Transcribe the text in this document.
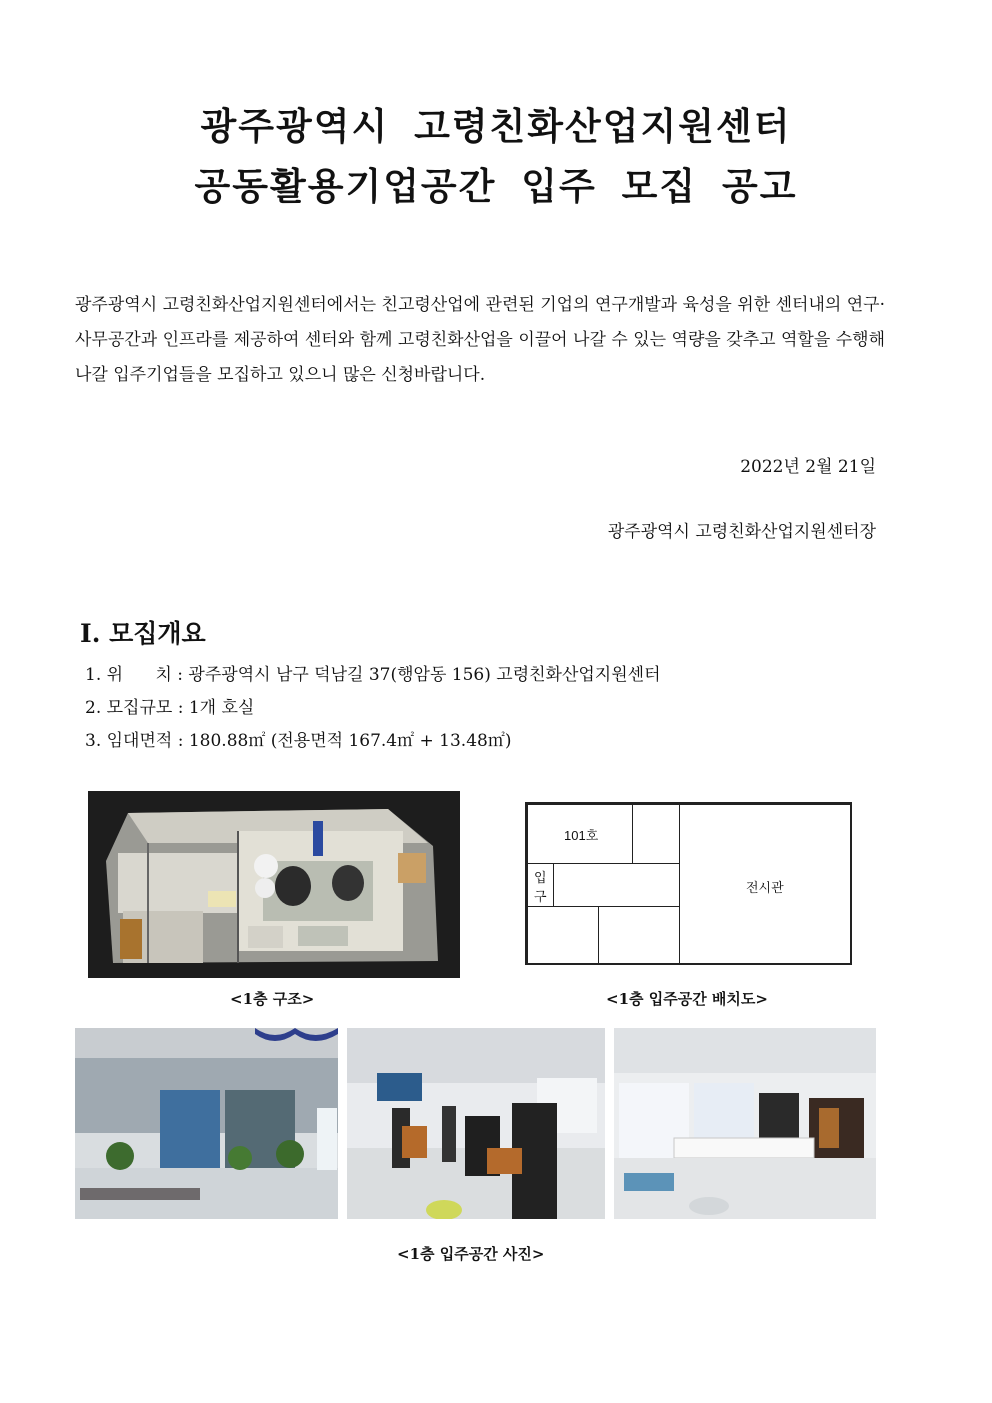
광주광역시 고령친화산업지원센터
공동활용기업공간 입주 모집 공고
광주광역시 고령친화산업지원센터에서는 친고령산업에 관련된 기업의 연구개발과 육성을 위한 센터내의 연구·사무공간과 인프라를 제공하여 센터와 함께 고령친화산업을 이끌어 나갈 수 있는 역량을 갖추고 역할을 수행해 나갈 입주기업들을 모집하고 있으니 많은 신청바랍니다.
2022년 2월 21일
광주광역시 고령친화산업지원센터장
Ⅰ. 모집개요
1. 위      치 : 광주광역시 남구 덕남길 37(행암동 156) 고령친화산업지원센터
2. 모집규모 : 1개 호실
3. 임대면적 : 180.88㎡ (전용면적 167.4㎡ + 13.48㎡)
<1층 구조>
101호
전시관
입
구
<1층 입주공간 배치도>
<1층 입주공간 사진>
